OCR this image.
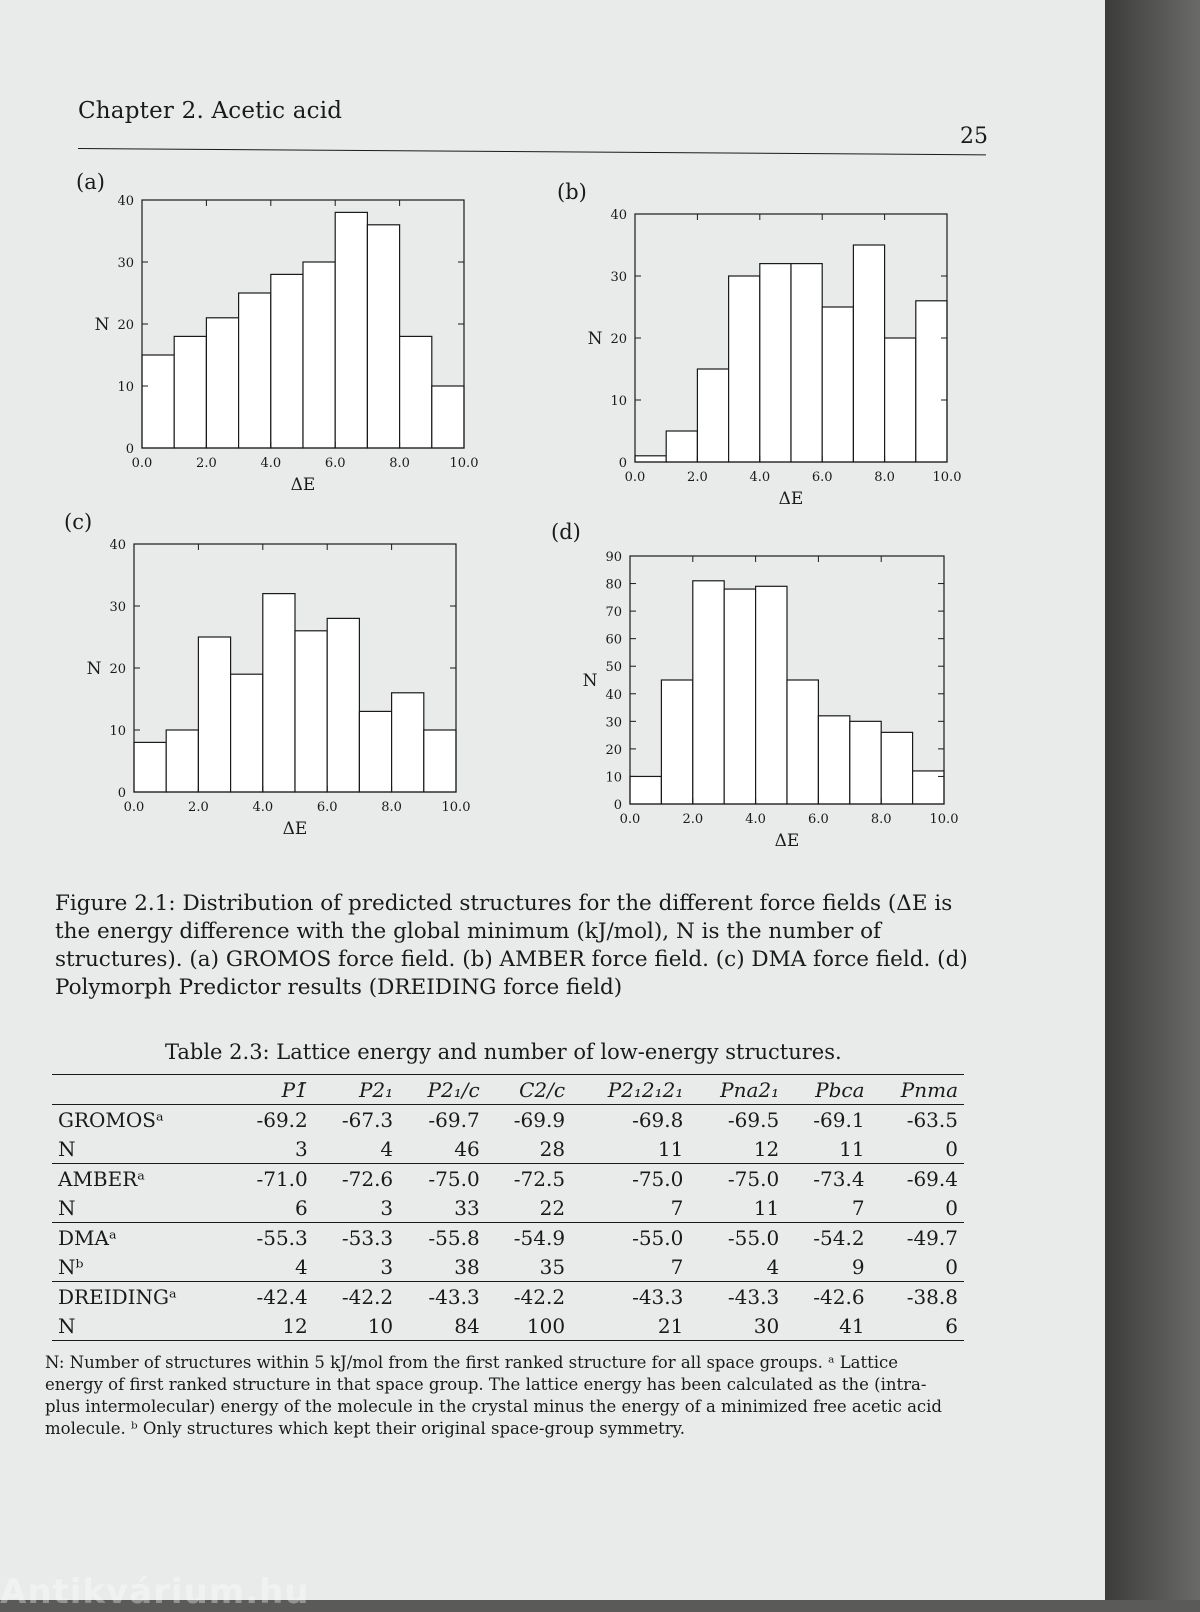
Chapter 2. Acetic acid
25
(a)
0
10
20
30
40
0.0	2.0	4.0	6.0	8.0	10.0
ΔE
N
(b)
0
10
20
30
40
0.0	2.0	4.0	6.0	8.0	10.0
ΔE
N
(c)
0
10
20
30
40
0.0	2.0	4.0	6.0	8.0	10.0
ΔE
N
(d)
0
10
20
30
40
50
60
70
80
90
0.0	2.0	4.0	6.0	8.0	10.0
ΔE
N
Figure 2.1: Distribution of predicted structures for the different force fields (ΔE is the energy difference with the global minimum (kJ/mol), N is the number of structures). (a) GROMOS force field. (b) AMBER force field. (c) DMA force field. (d) Polymorph Predictor results (DREIDING force field)
Table 2.3: Lattice energy and number of low-energy structures.
	P1̄	P2₁	P2₁/c	C2/c	P2₁2₁2₁	Pna2₁	Pbca	Pnma
GROMOSᵃ	-69.2	-67.3	-69.7	-69.9	-69.8	-69.5	-69.1	-63.5
N	3	4	46	28	11	12	11	0
AMBERᵃ	-71.0	-72.6	-75.0	-72.5	-75.0	-75.0	-73.4	-69.4
N	6	3	33	22	7	11	7	0
DMAᵃ	-55.3	-53.3	-55.8	-54.9	-55.0	-55.0	-54.2	-49.7
Nᵇ	4	3	38	35	7	4	9	0
DREIDINGᵃ	-42.4	-42.2	-43.3	-42.2	-43.3	-43.3	-42.6	-38.8
N	12	10	84	100	21	30	41	6
N: Number of structures within 5 kJ/mol from the first ranked structure for all space groups. ᵃ Lattice energy of first ranked structure in that space group. The lattice energy has been calculated as the (intra- plus intermolecular) energy of the molecule in the crystal minus the energy of a minimized free acetic acid molecule. ᵇ Only structures which kept their original space-group symmetry.
Antikvárium.hu
